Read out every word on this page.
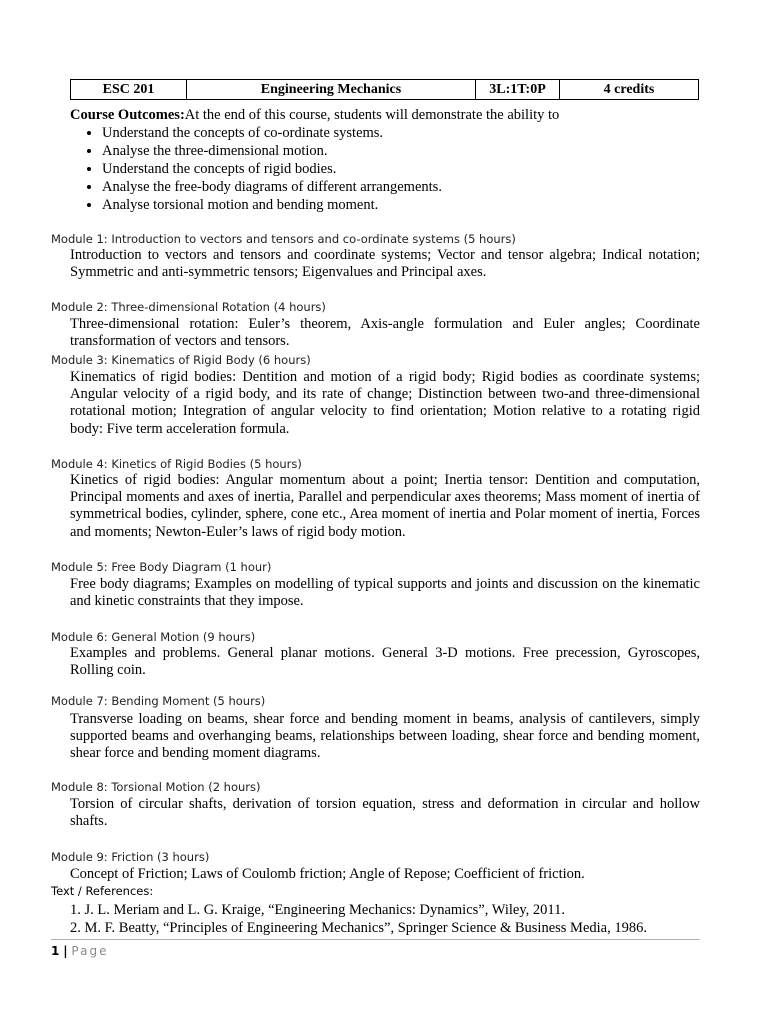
ESC 201	Engineering Mechanics	3L:1T:0P	4 credits
Course Outcomes:At the end of this course, students will demonstrate the ability to
• Understand the concepts of co-ordinate systems.
• Analyse the three-dimensional motion.
• Understand the concepts of rigid bodies.
• Analyse the free-body diagrams of different arrangements.
• Analyse torsional motion and bending moment.
Module 1: Introduction to vectors and tensors and co-ordinate systems (5 hours)
Introduction to vectors and tensors and coordinate systems; Vector and tensor algebra; Indical notation; Symmetric and anti-symmetric tensors; Eigenvalues and Principal axes.
Module 2: Three-dimensional Rotation (4 hours)
Three-dimensional rotation: Euler’s theorem, Axis-angle formulation and Euler angles; Coordinate transformation of vectors and tensors.
Module 3: Kinematics of Rigid Body (6 hours)
Kinematics of rigid bodies: Dentition and motion of a rigid body; Rigid bodies as coordinate systems; Angular velocity of a rigid body, and its rate of change; Distinction between two-and three-dimensional rotational motion; Integration of angular velocity to find orientation; Motion relative to a rotating rigid body: Five term acceleration formula.
Module 4: Kinetics of Rigid Bodies (5 hours)
Kinetics of rigid bodies: Angular momentum about a point; Inertia tensor: Dentition and computation, Principal moments and axes of inertia, Parallel and perpendicular axes theorems; Mass moment of inertia of symmetrical bodies, cylinder, sphere, cone etc., Area moment of inertia and Polar moment of inertia, Forces and moments; Newton-Euler’s laws of rigid body motion.
Module 5: Free Body Diagram (1 hour)
Free body diagrams; Examples on modelling of typical supports and joints and discussion on the kinematic and kinetic constraints that they impose.
Module 6: General Motion (9 hours)
Examples and problems. General planar motions. General 3-D motions. Free precession, Gyroscopes, Rolling coin.
Module 7: Bending Moment (5 hours)
Transverse loading on beams, shear force and bending moment in beams, analysis of cantilevers, simply supported beams and overhanging beams, relationships between loading, shear force and bending moment, shear force and bending moment diagrams.
Module 8: Torsional Motion (2 hours)
Torsion of circular shafts, derivation of torsion equation, stress and deformation in circular and hollow shafts.
Module 9: Friction (3 hours)
Concept of Friction; Laws of Coulomb friction; Angle of Repose; Coefficient of friction.
Text / References:
1. J. L. Meriam and L. G. Kraige, “Engineering Mechanics: Dynamics”, Wiley, 2011.
2. M. F. Beatty, “Principles of Engineering Mechanics”, Springer Science & Business Media, 1986.
1 | Page
